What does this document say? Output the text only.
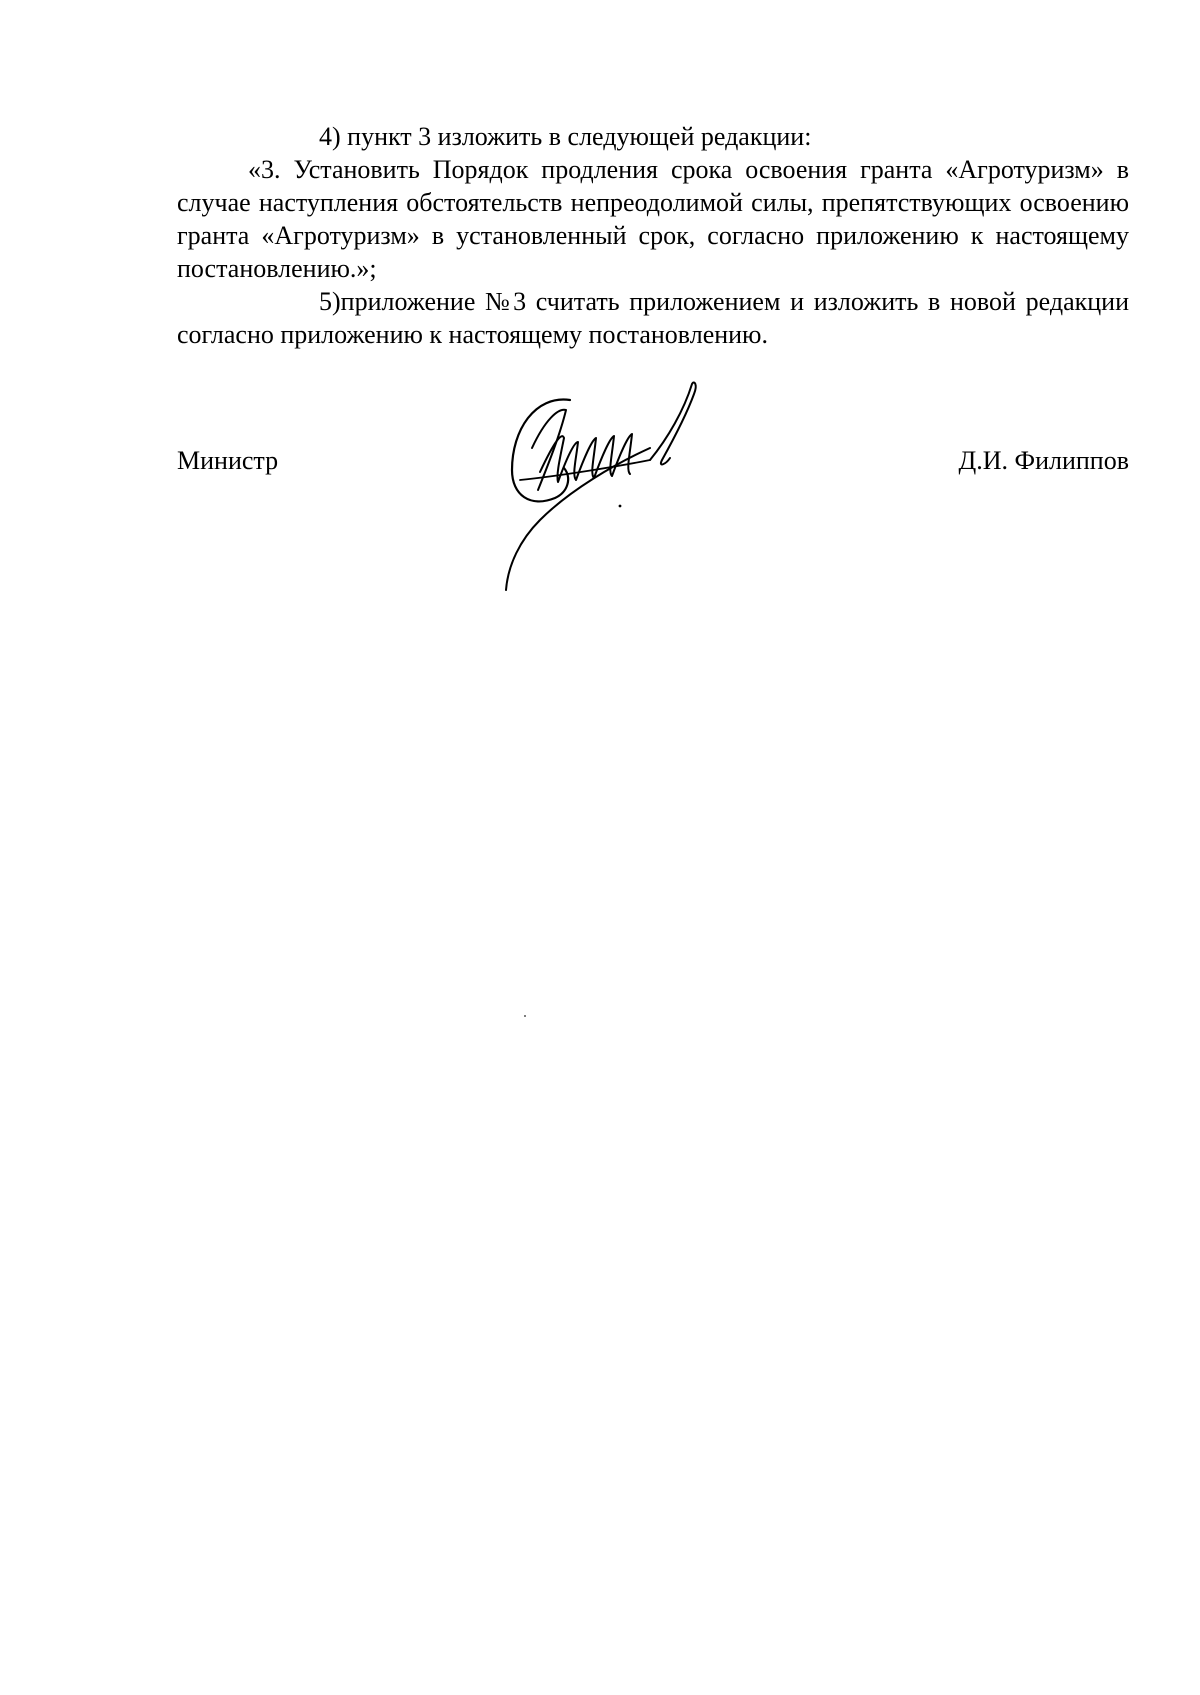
4) пункт 3 изложить в следующей редакции:

«3. Установить Порядок продления срока освоения гранта «Агротуризм» в случае наступления обстоятельств непреодолимой силы, препятствующих освоению гранта «Агротуризм» в установленный срок, согласно приложению к настоящему постановлению.»;

5)приложение №3 считать приложением и изложить в новой редакции согласно приложению к настоящему постановлению.

Министр	Д.И. Филиппов
